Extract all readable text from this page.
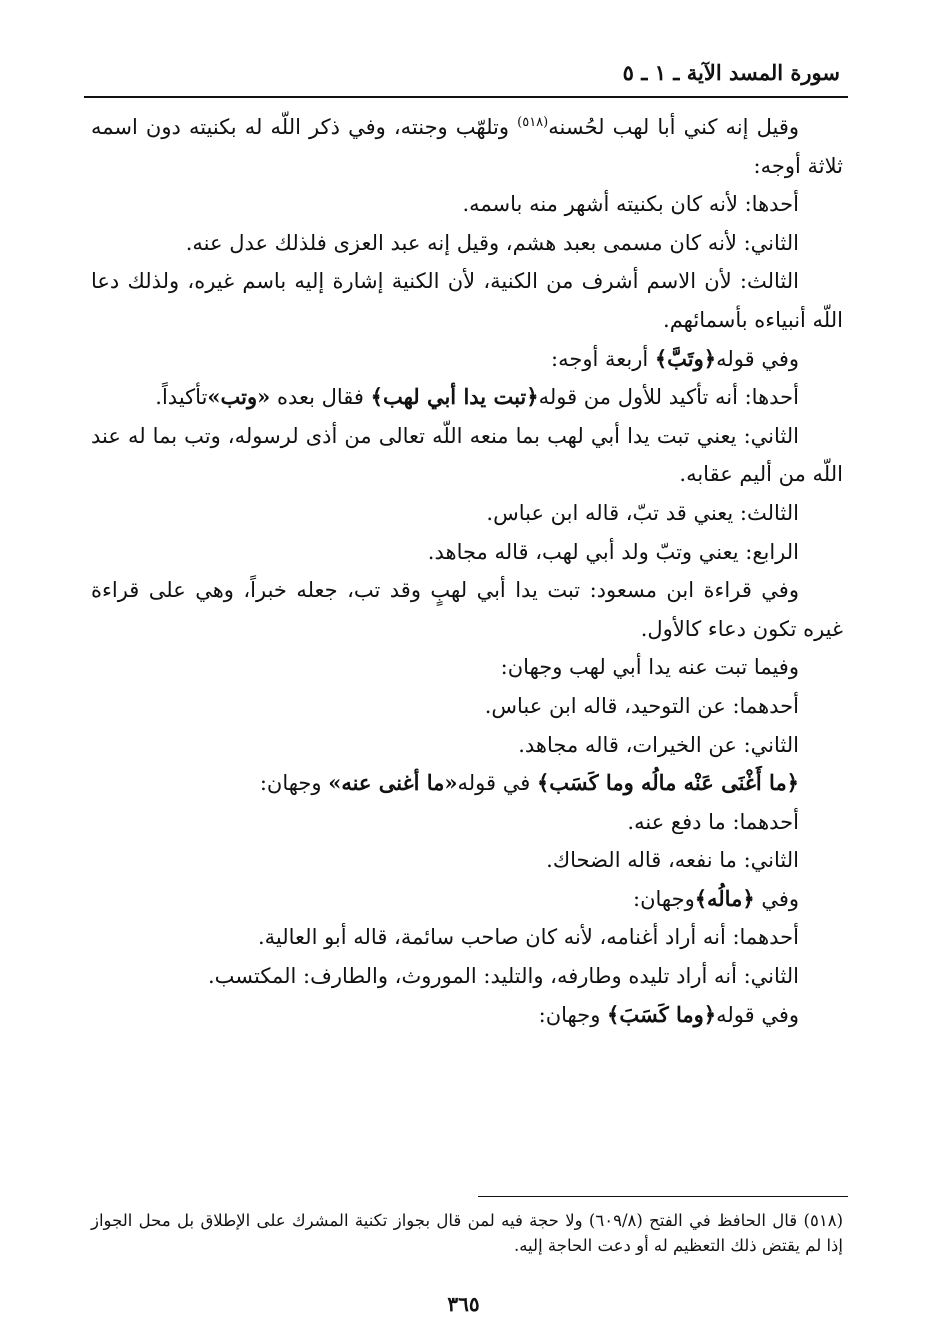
سورة المسد الآية ـ ١ ـ ٥

وقيل إنه كني أبا لهب لحُسنه$^{(٥١٨)}$ وتلهّب وجنته، وفي ذكر اللّه له بكنيته دون اسمه ثلاثة أوجه:

أحدها: لأنه كان بكنيته أشهر منه باسمه.

الثاني: لأنه كان مسمى بعبد هشم، وقيل إنه عبد العزى فلذلك عدل عنه.

الثالث: لأن الاسم أشرف من الكنية، لأن الكنية إشارة إليه باسم غيره، ولذلك دعا اللّه أنبياءه بأسمائهم.

وفي قوله﴿وتَبَّ﴾ أربعة أوجه:

أحدها: أنه تأكيد للأول من قوله﴿تبت يدا أبي لهب﴾ فقال بعده «وتب»تأكيداً.

الثاني: يعني تبت يدا أبي لهب بما منعه اللّه تعالى من أذى لرسوله، وتب بما له عند اللّه من أليم عقابه.

الثالث: يعني قد تبّ، قاله ابن عباس.

الرابع: يعني وتبّ ولد أبي لهب، قاله مجاهد.

وفي قراءة ابن مسعود: تبت يدا أبي لهبٍ وقد تب، جعله خبراً، وهي على قراءة غيره تكون دعاء كالأول.

وفيما تبت عنه يدا أبي لهب وجهان:

أحدهما: عن التوحيد، قاله ابن عباس.

الثاني: عن الخيرات، قاله مجاهد.

﴿ما أَغْنَى عَنْه مالُه وما كَسَب﴾ في قوله«ما أغنى عنه» وجهان:

أحدهما: ما دفع عنه.

الثاني: ما نفعه، قاله الضحاك.

وفي ﴿مالُه﴾وجهان:

أحدهما: أنه أراد أغنامه، لأنه كان صاحب سائمة، قاله أبو العالية.

الثاني: أنه أراد تليده وطارفه، والتليد: الموروث، والطارف: المكتسب.

وفي قوله﴿وما كَسَبَ﴾ وجهان:

(٥١٨) قال الحافظ في الفتح (٦٠٩/٨) ولا حجة فيه لمن قال بجواز تكنية المشرك على الإطلاق بل محل الجواز إذا لم يقتض ذلك التعظيم له أو دعت الحاجة إليه.

٣٦٥
